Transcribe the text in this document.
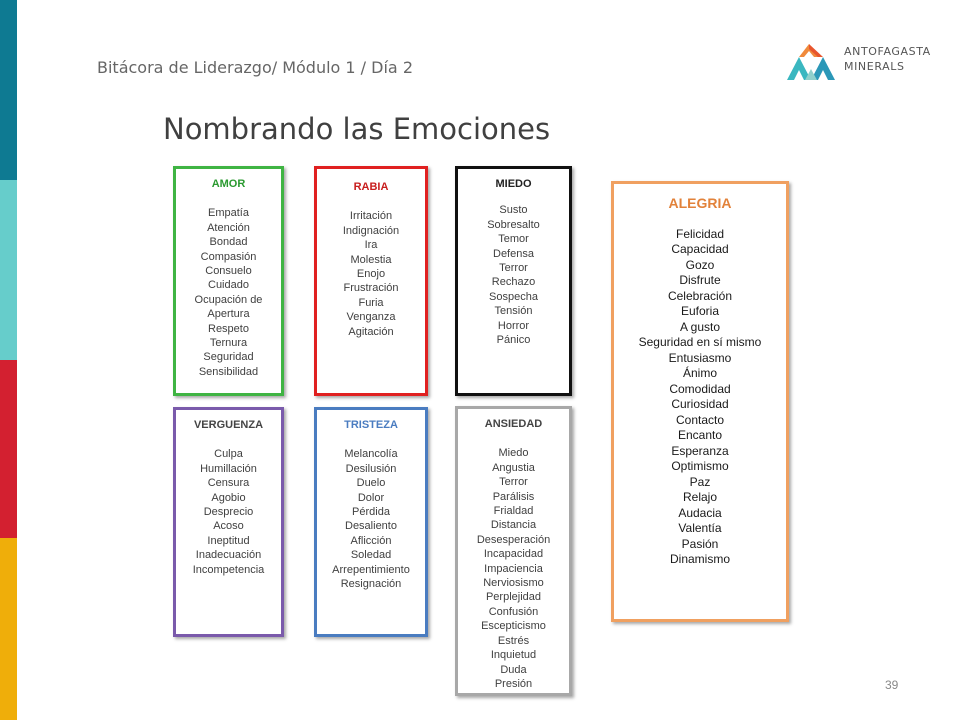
Bitácora de Liderazgo/ Módulo 1 / Día 2
Nombrando las Emociones
ANTOFAGASTA
MINERALS
AMOR
Empatía
Atención
Bondad
Compasión
Consuelo
Cuidado
Ocupación de
Apertura
Respeto
Ternura
Seguridad
Sensibilidad
RABIA
Irritación
Indignación
Ira
Molestia
Enojo
Frustración
Furia
Venganza
Agitación
MIEDO
Susto
Sobresalto
Temor
Defensa
Terror
Rechazo
Sospecha
Tensión
Horror
Pánico
VERGUENZA
Culpa
Humillación
Censura
Agobio
Desprecio
Acoso
Ineptitud
Inadecuación
Incompetencia
TRISTEZA
Melancolía
Desilusión
Duelo
Dolor
Pérdida
Desaliento
Aflicción
Soledad
Arrepentimiento
Resignación
ANSIEDAD
Miedo
Angustia
Terror
Parálisis
Frialdad
Distancia
Desesperación
Incapacidad
Impaciencia
Nerviosismo
Perplejidad
Confusión
Escepticismo
Estrés
Inquietud
Duda
Presión
ALEGRIA
Felicidad
Capacidad
Gozo
Disfrute
Celebración
Euforia
A gusto
Seguridad en sí mismo
Entusiasmo
Ánimo
Comodidad
Curiosidad
Contacto
Encanto
Esperanza
Optimismo
Paz
Relajo
Audacia
Valentía
Pasión
Dinamismo
39
